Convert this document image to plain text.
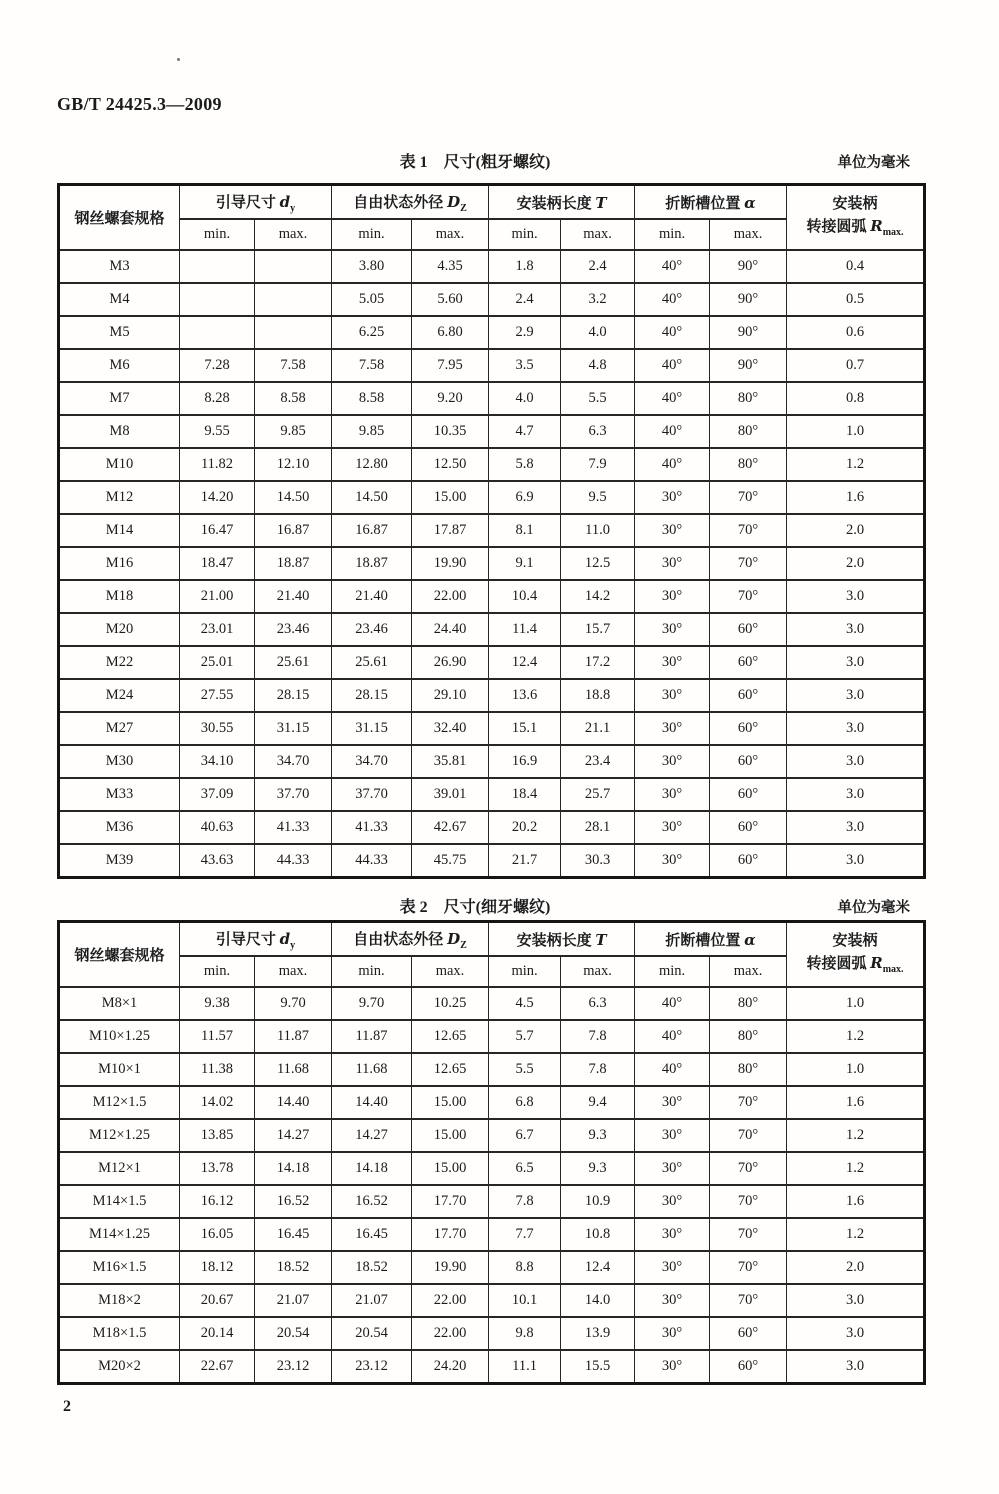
GB/T 24425.3—2009
表 1　尺寸(粗牙螺纹)	单位为毫米
钢丝螺套规格	引导尺寸 $d_y$		自由状态外径 $D_Z$		安装柄长度 T		折断槽位置 α		安装柄
转接圆弧 $R_{max.}$
	min.	max.	min.	max.	min.	max.	min.	max.	
M3			3.80	4.35	1.8	2.4	40°	90°	0.4
M4			5.05	5.60	2.4	3.2	40°	90°	0.5
M5			6.25	6.80	2.9	4.0	40°	90°	0.6
M6	7.28	7.58	7.58	7.95	3.5	4.8	40°	90°	0.7
M7	8.28	8.58	8.58	9.20	4.0	5.5	40°	80°	0.8
M8	9.55	9.85	9.85	10.35	4.7	6.3	40°	80°	1.0
M10	11.82	12.10	12.80	12.50	5.8	7.9	40°	80°	1.2
M12	14.20	14.50	14.50	15.00	6.9	9.5	30°	70°	1.6
M14	16.47	16.87	16.87	17.87	8.1	11.0	30°	70°	2.0
M16	18.47	18.87	18.87	19.90	9.1	12.5	30°	70°	2.0
M18	21.00	21.40	21.40	22.00	10.4	14.2	30°	70°	3.0
M20	23.01	23.46	23.46	24.40	11.4	15.7	30°	60°	3.0
M22	25.01	25.61	25.61	26.90	12.4	17.2	30°	60°	3.0
M24	27.55	28.15	28.15	29.10	13.6	18.8	30°	60°	3.0
M27	30.55	31.15	31.15	32.40	15.1	21.1	30°	60°	3.0
M30	34.10	34.70	34.70	35.81	16.9	23.4	30°	60°	3.0
M33	37.09	37.70	37.70	39.01	18.4	25.7	30°	60°	3.0
M36	40.63	41.33	41.33	42.67	20.2	28.1	30°	60°	3.0
M39	43.63	44.33	44.33	45.75	21.7	30.3	30°	60°	3.0
表 2　尺寸(细牙螺纹)	单位为毫米
钢丝螺套规格	引导尺寸 $d_y$		自由状态外径 $D_Z$		安装柄长度 T		折断槽位置 α		安装柄
转接圆弧 $R_{max.}$
	min.	max.	min.	max.	min.	max.	min.	max.	
M8×1	9.38	9.70	9.70	10.25	4.5	6.3	40°	80°	1.0
M10×1.25	11.57	11.87	11.87	12.65	5.7	7.8	40°	80°	1.2
M10×1	11.38	11.68	11.68	12.65	5.5	7.8	40°	80°	1.0
M12×1.5	14.02	14.40	14.40	15.00	6.8	9.4	30°	70°	1.6
M12×1.25	13.85	14.27	14.27	15.00	6.7	9.3	30°	70°	1.2
M12×1	13.78	14.18	14.18	15.00	6.5	9.3	30°	70°	1.2
M14×1.5	16.12	16.52	16.52	17.70	7.8	10.9	30°	70°	1.6
M14×1.25	16.05	16.45	16.45	17.70	7.7	10.8	30°	70°	1.2
M16×1.5	18.12	18.52	18.52	19.90	8.8	12.4	30°	70°	2.0
M18×2	20.67	21.07	21.07	22.00	10.1	14.0	30°	70°	3.0
M18×1.5	20.14	20.54	20.54	22.00	9.8	13.9	30°	60°	3.0
M20×2	22.67	23.12	23.12	24.20	11.1	15.5	30°	60°	3.0
2
